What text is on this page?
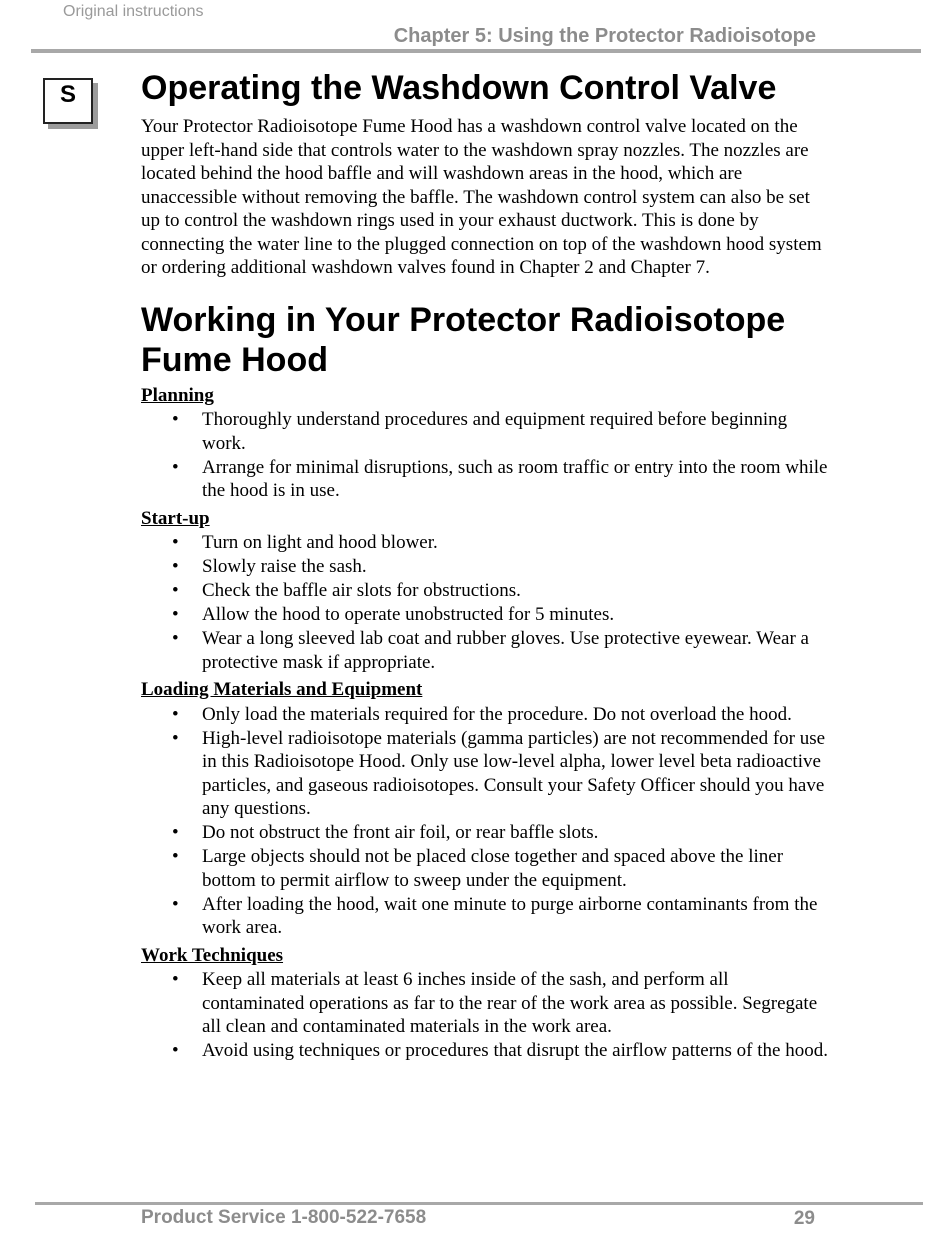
Original instructions
Chapter 5: Using the Protector Radioisotope
S	Operating the Washdown Control Valve

Your Protector Radioisotope Fume Hood has a washdown control valve located on the upper left-hand side that controls water to the washdown spray nozzles. The nozzles are located behind the hood baffle and will washdown areas in the hood, which are unaccessible without removing the baffle. The washdown control system can also be set up to control the washdown rings used in your exhaust ductwork. This is done by connecting the water line to the plugged connection on top of the washdown hood system or ordering additional washdown valves found in Chapter 2 and Chapter 7.

Working in Your Protector Radioisotope Fume Hood
Planning
• Thoroughly understand procedures and equipment required before beginning work.
• Arrange for minimal disruptions, such as room traffic or entry into the room while the hood is in use.
Start-up
• Turn on light and hood blower.
• Slowly raise the sash.
• Check the baffle air slots for obstructions.
• Allow the hood to operate unobstructed for 5 minutes.
• Wear a long sleeved lab coat and rubber gloves. Use protective eyewear. Wear a protective mask if appropriate.
Loading Materials and Equipment
• Only load the materials required for the procedure. Do not overload the hood.
• High-level radioisotope materials (gamma particles) are not recommended for use in this Radioisotope Hood. Only use low-level alpha, lower level beta radioactive particles, and gaseous radioisotopes. Consult your Safety Officer should you have any questions.
• Do not obstruct the front air foil, or rear baffle slots.
• Large objects should not be placed close together and spaced above the liner bottom to permit airflow to sweep under the equipment.
• After loading the hood, wait one minute to purge airborne contaminants from the work area.
Work Techniques
• Keep all materials at least 6 inches inside of the sash, and perform all contaminated operations as far to the rear of the work area as possible. Segregate all clean and contaminated materials in the work area.
• Avoid using techniques or procedures that disrupt the airflow patterns of the hood.
Product Service 1-800-522-7658	29
